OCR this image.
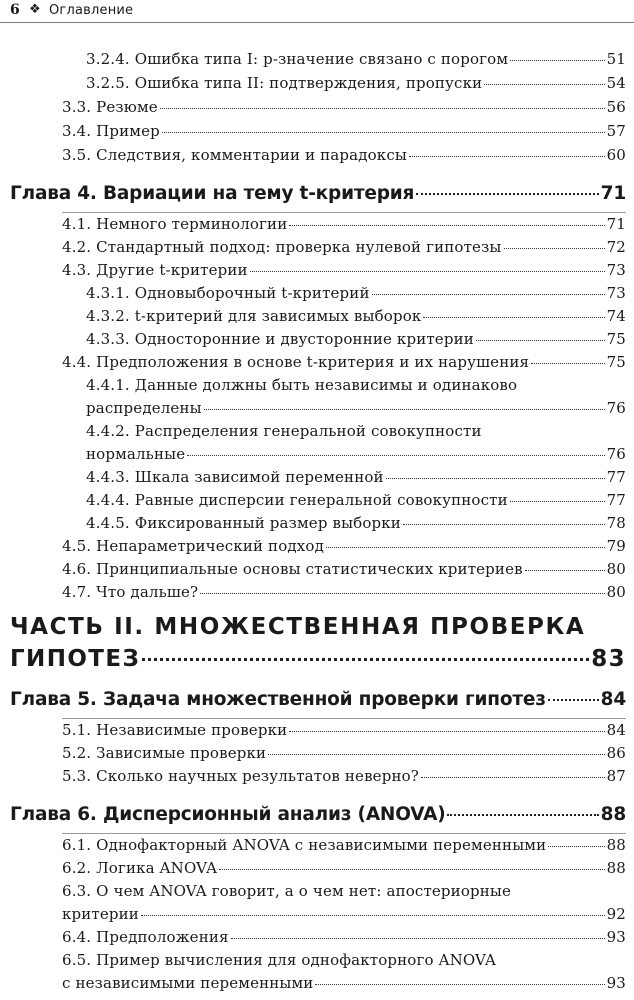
6 ❖ Оглавление
3.2.4. Ошибка типа I: p-значение связано с порогом	51
3.2.5. Ошибка типа II: подтверждения, пропуски	54
3.3. Резюме	56
3.4. Пример	57
3.5. Следствия, комментарии и парадоксы	60
Глава 4. Вариации на тему t-критерия	71
4.1. Немного терминологии	71
4.2. Стандартный подход: проверка нулевой гипотезы	72
4.3. Другие t-критерии	73
4.3.1. Одновыборочный t-критерий	73
4.3.2. t-критерий для зависимых выборок	74
4.3.3. Односторонние и двусторонние критерии	75
4.4. Предположения в основе t-критерия и их нарушения	75
4.4.1. Данные должны быть независимы и одинаково
распределены	76
4.4.2. Распределения генеральной совокупности
нормальные	76
4.4.3. Шкала зависимой переменной	77
4.4.4. Равные дисперсии генеральной совокупности	77
4.4.5. Фиксированный размер выборки	78
4.5. Непараметрический подход	79
4.6. Принципиальные основы статистических критериев	80
4.7. Что дальше?	80
ЧАСТЬ II. МНОЖЕСТВЕННАЯ ПРОВЕРКА
ГИПОТЕЗ	83
Глава 5. Задача множественной проверки гипотез	84
5.1. Независимые проверки	84
5.2. Зависимые проверки	86
5.3. Сколько научных результатов неверно?	87
Глава 6. Дисперсионный анализ (ANOVA)	88
6.1. Однофакторный ANOVA с независимыми переменными	88
6.2. Логика ANOVA	88
6.3. О чем ANOVA говорит, а о чем нет: апостериорные
критерии	92
6.4. Предположения	93
6.5. Пример вычисления для однофакторного ANOVA
с независимыми переменными	93
